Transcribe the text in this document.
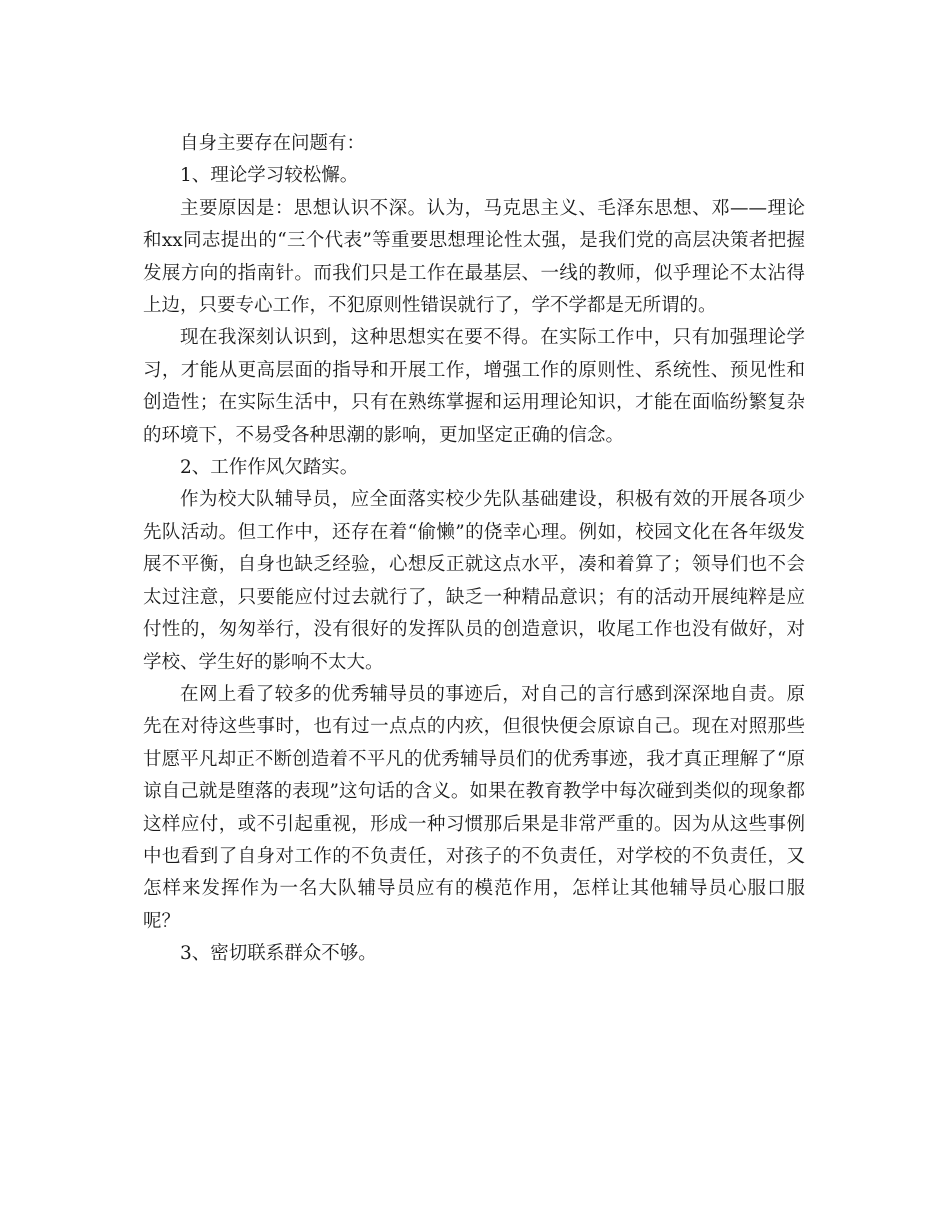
自身主要存在问题有：

1、理论学习较松懈。

主要原因是：思想认识不深。认为，马克思主义、毛泽东思想、邓——理论和xx同志提出的“三个代表”等重要思想理论性太强，是我们党的高层决策者把握发展方向的指南针。而我们只是工作在最基层、一线的教师，似乎理论不太沾得上边，只要专心工作，不犯原则性错误就行了，学不学都是无所谓的。

现在我深刻认识到，这种思想实在要不得。在实际工作中，只有加强理论学习，才能从更高层面的指导和开展工作，增强工作的原则性、系统性、预见性和创造性；在实际生活中，只有在熟练掌握和运用理论知识，才能在面临纷繁复杂的环境下，不易受各种思潮的影响，更加坚定正确的信念。

2、工作作风欠踏实。

作为校大队辅导员，应全面落实校少先队基础建设，积极有效的开展各项少先队活动。但工作中，还存在着“偷懒”的侥幸心理。例如，校园文化在各年级发展不平衡，自身也缺乏经验，心想反正就这点水平，凑和着算了；领导们也不会太过注意，只要能应付过去就行了，缺乏一种精品意识；有的活动开展纯粹是应付性的，匆匆举行，没有很好的发挥队员的创造意识，收尾工作也没有做好，对学校、学生好的影响不太大。

在网上看了较多的优秀辅导员的事迹后，对自己的言行感到深深地自责。原先在对待这些事时，也有过一点点的内疚，但很快便会原谅自己。现在对照那些甘愿平凡却正不断创造着不平凡的优秀辅导员们的优秀事迹，我才真正理解了“原谅自己就是堕落的表现”这句话的含义。如果在教育教学中每次碰到类似的现象都这样应付，或不引起重视，形成一种习惯那后果是非常严重的。因为从这些事例中也看到了自身对工作的不负责任，对孩子的不负责任，对学校的不负责任，又怎样来发挥作为一名大队辅导员应有的模范作用，怎样让其他辅导员心服口服呢？

3、密切联系群众不够。
